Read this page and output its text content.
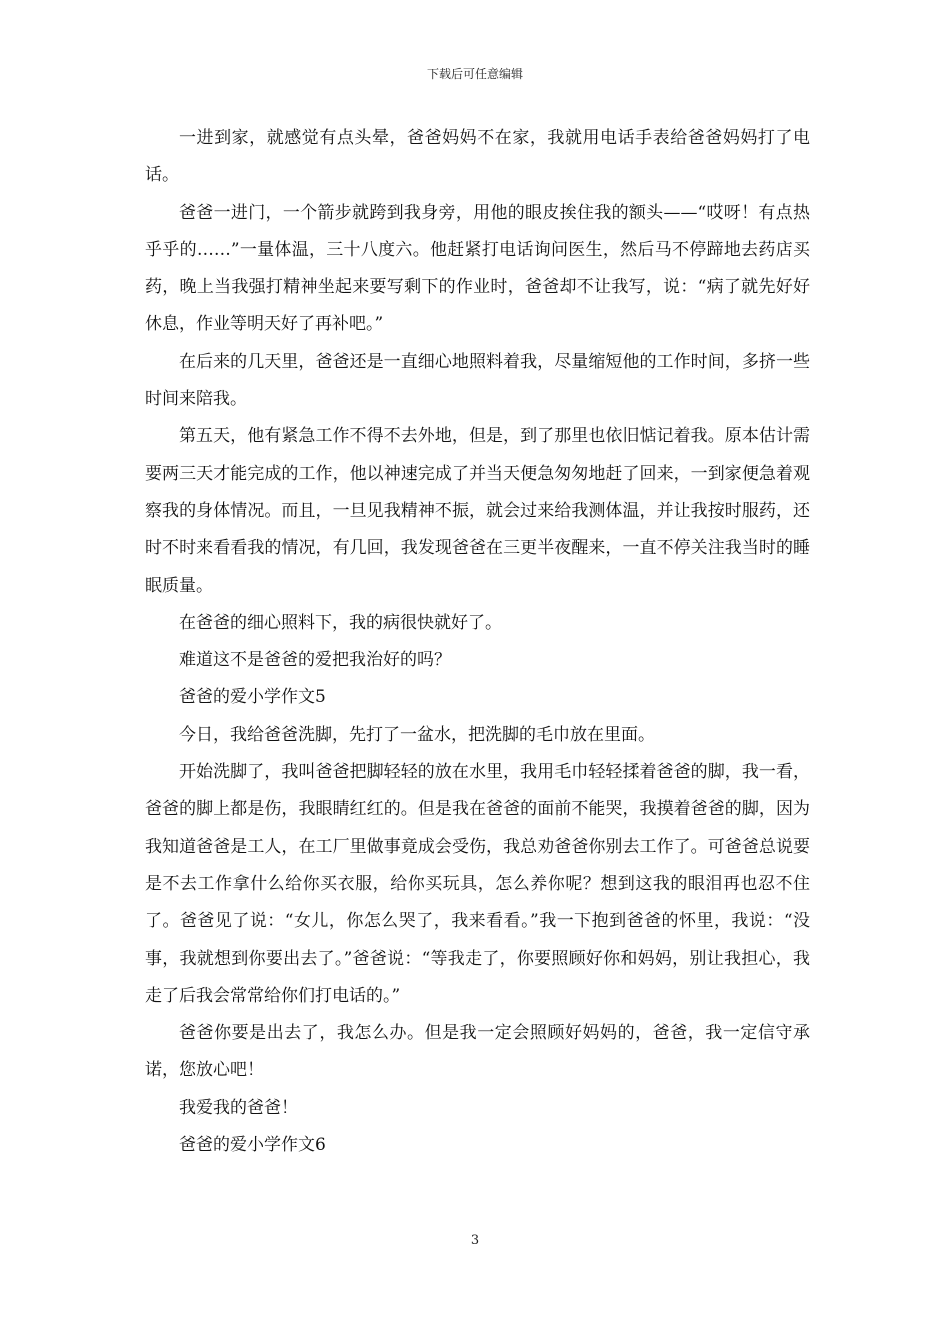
下载后可任意编辑

一进到家，就感觉有点头晕，爸爸妈妈不在家，我就用电话手表给爸爸妈妈打了电话。

爸爸一进门，一个箭步就跨到我身旁，用他的眼皮挨住我的额头——“哎呀！有点热乎乎的……”一量体温，三十八度六。他赶紧打电话询问医生，然后马不停蹄地去药店买药，晚上当我强打精神坐起来要写剩下的作业时，爸爸却不让我写，说：“病了就先好好休息，作业等明天好了再补吧。”

在后来的几天里，爸爸还是一直细心地照料着我，尽量缩短他的工作时间，多挤一些时间来陪我。

第五天，他有紧急工作不得不去外地，但是，到了那里也依旧惦记着我。原本估计需要两三天才能完成的工作，他以神速完成了并当天便急匆匆地赶了回来，一到家便急着观察我的身体情况。而且，一旦见我精神不振，就会过来给我测体温，并让我按时服药，还时不时来看看我的情况，有几回，我发现爸爸在三更半夜醒来，一直不停关注我当时的睡眠质量。

在爸爸的细心照料下，我的病很快就好了。

难道这不是爸爸的爱把我治好的吗？

爸爸的爱小学作文5

今日，我给爸爸洗脚，先打了一盆水，把洗脚的毛巾放在里面。

开始洗脚了，我叫爸爸把脚轻轻的放在水里，我用毛巾轻轻揉着爸爸的脚，我一看，爸爸的脚上都是伤，我眼睛红红的。但是我在爸爸的面前不能哭，我摸着爸爸的脚，因为我知道爸爸是工人，在工厂里做事竟成会受伤，我总劝爸爸你别去工作了。可爸爸总说要是不去工作拿什么给你买衣服，给你买玩具，怎么养你呢？想到这我的眼泪再也忍不住了。爸爸见了说：“女儿，你怎么哭了，我来看看。”我一下抱到爸爸的怀里，我说：“没事，我就想到你要出去了。”爸爸说：“等我走了，你要照顾好你和妈妈，别让我担心，我走了后我会常常给你们打电话的。”

爸爸你要是出去了，我怎么办。但是我一定会照顾好妈妈的，爸爸，我一定信守承诺，您放心吧！

我爱我的爸爸！

爸爸的爱小学作文6

3
